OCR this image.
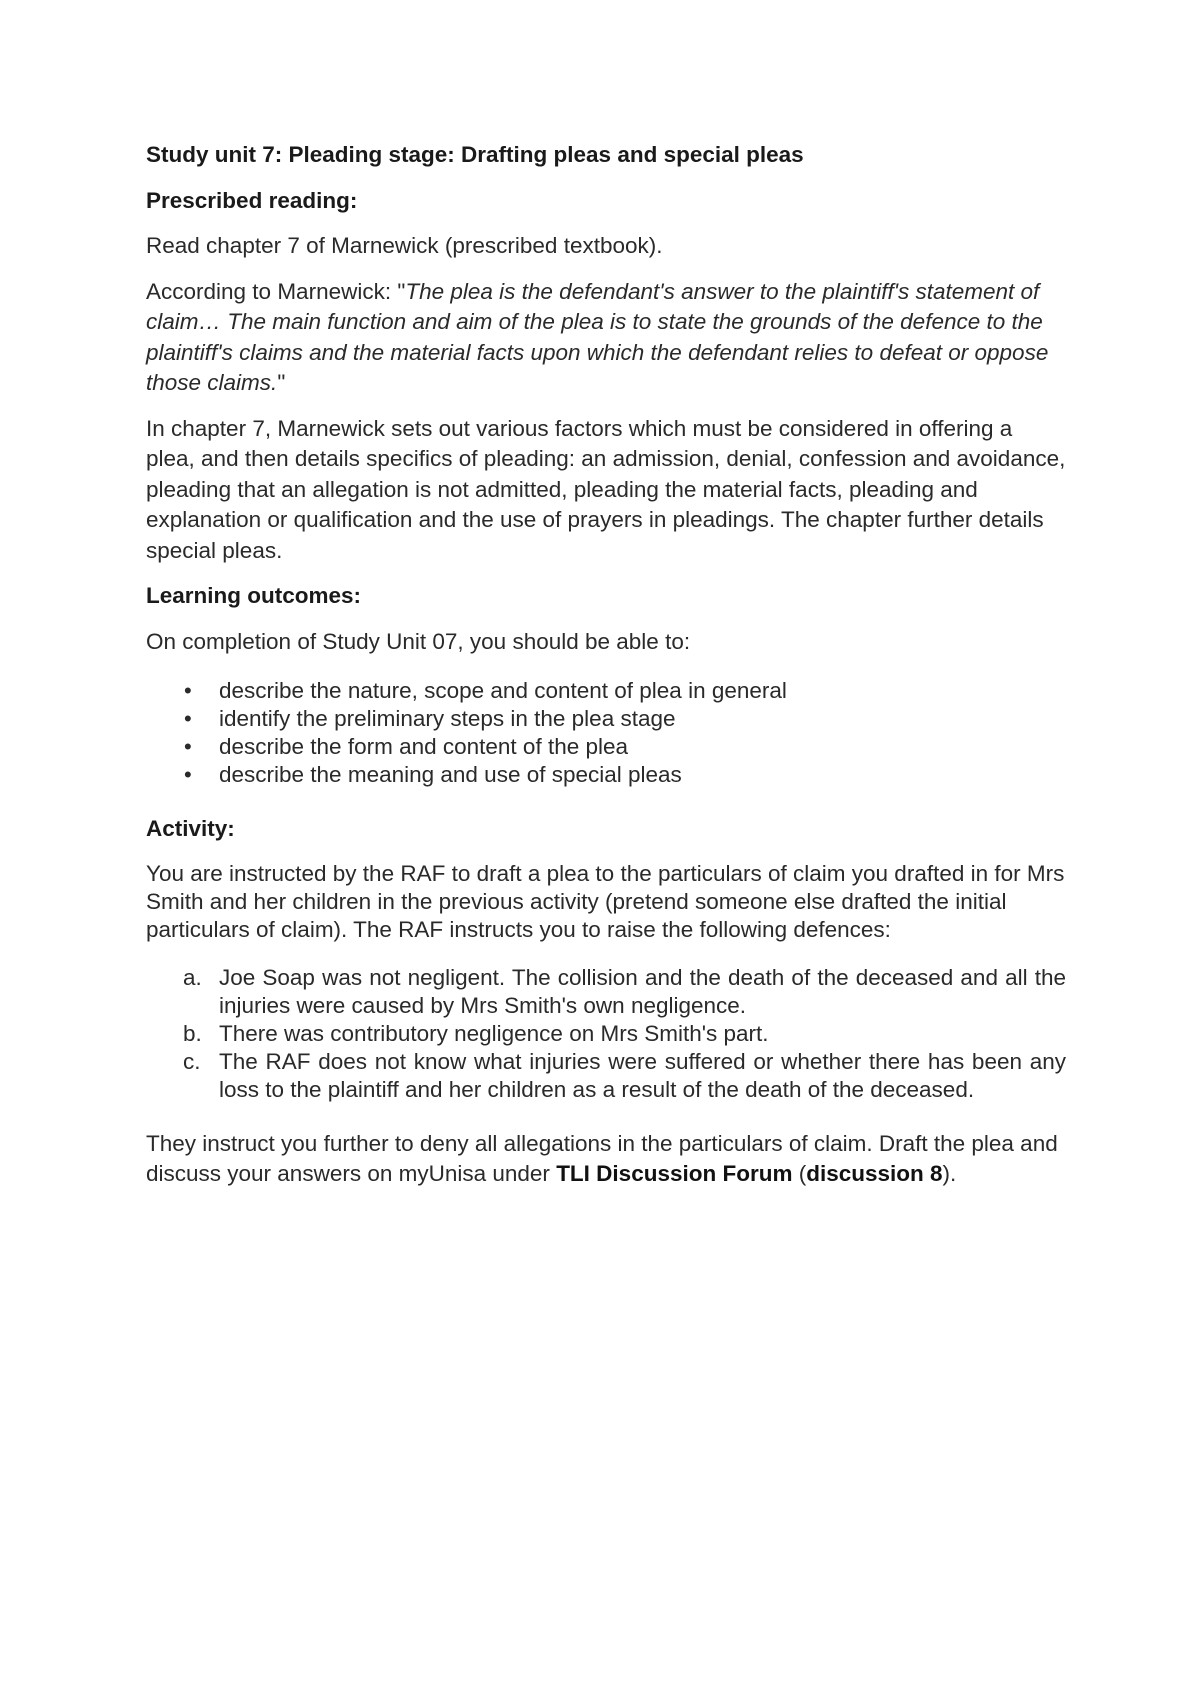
Study unit 7: Pleading stage: Drafting pleas and special pleas

Prescribed reading:

Read chapter 7 of Marnewick (prescribed textbook).

According to Marnewick: "The plea is the defendant's answer to the plaintiff's statement of claim… The main function and aim of the plea is to state the grounds of the defence to the plaintiff's claims and the material facts upon which the defendant relies to defeat or oppose those claims."

In chapter 7, Marnewick sets out various factors which must be considered in offering a plea, and then details specifics of pleading: an admission, denial, confession and avoidance, pleading that an allegation is not admitted, pleading the material facts, pleading and explanation or qualification and the use of prayers in pleadings. The chapter further details special pleas.

Learning outcomes:

On completion of Study Unit 07, you should be able to:

• describe the nature, scope and content of plea in general
• identify the preliminary steps in the plea stage
• describe the form and content of the plea
• describe the meaning and use of special pleas

Activity:

You are instructed by the RAF to draft a plea to the particulars of claim you drafted in for Mrs Smith and her children in the previous activity (pretend someone else drafted the initial particulars of claim). The RAF instructs you to raise the following defences:

a. Joe Soap was not negligent. The collision and the death of the deceased and all the injuries were caused by Mrs Smith's own negligence.
b. There was contributory negligence on Mrs Smith's part.
c. The RAF does not know what injuries were suffered or whether there has been any loss to the plaintiff and her children as a result of the death of the deceased.

They instruct you further to deny all allegations in the particulars of claim. Draft the plea and discuss your answers on myUnisa under TLI Discussion Forum (discussion 8).
